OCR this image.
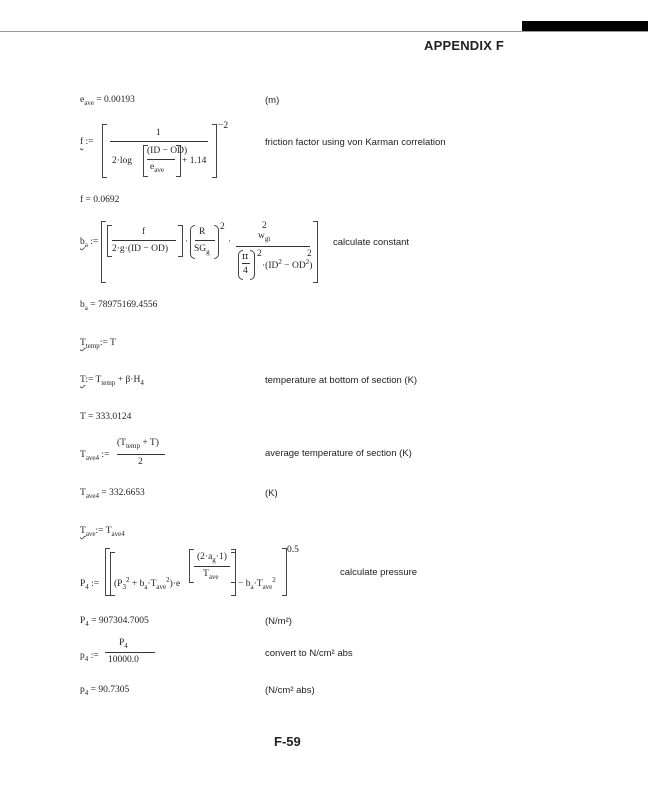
APPENDIX F
$e_{ave} = 0.00193$	(m)
f :=
−2
1
2·log
(ID − OD)
$e_{ave}$
+ 1.14
friction factor using von Karman correlation
f = 0.0692
$b_a$ :=
f
2·g·(ID − OD)
·
R
$SG_g$
2
·
2
$w_{gt}$
π
4
2
$\cdot(ID^2 - OD^2)$
2
calculate constant
$b_a = 78975169.4556$
$T_{temp}:= T$
T:= $T_{temp} + \beta\cdot H_4$	temperature at bottom of section (K)
T = 333.0124
$T_{ave4}$ :=
$(T_{temp} + T)$
2
average temperature of section (K)
$T_{ave4} = 332.6653$	(K)
$T_{ave}:= T_{ave4}$
$P_4$ :=
0.5
$(P_3^2 + b_a\cdot T_{ave}^2)\cdot e$
$(2\cdot a_g\cdot 1)$
$T_{ave}$
− $b_a\cdot T_{ave}^2$
calculate pressure
$P_4 = 907304.7005$	(N/m²)
$p_4$ :=
$P_4$
10000.0
convert to N/cm² abs
$p_4 = 90.7305$	(N/cm² abs)
F-59
